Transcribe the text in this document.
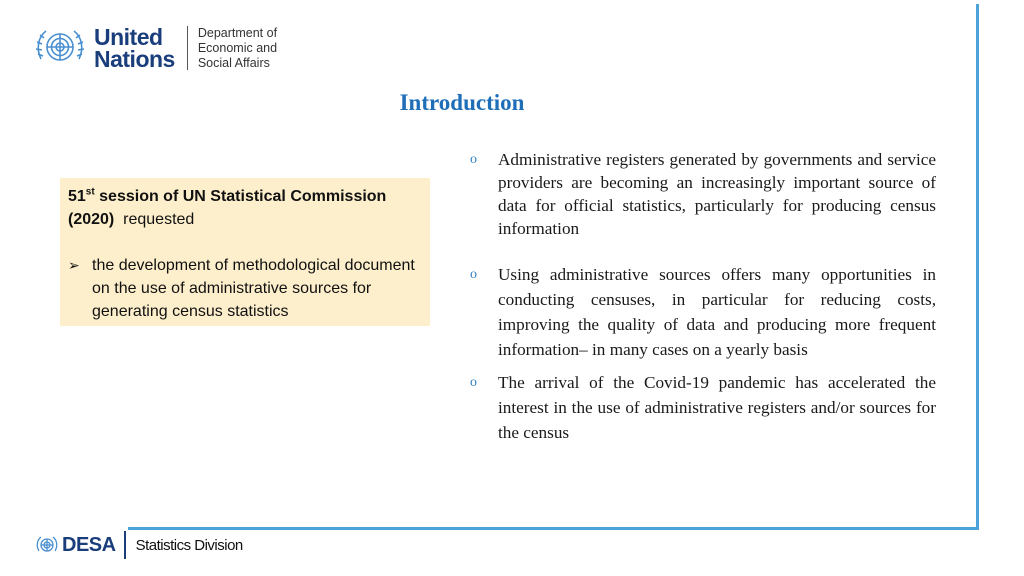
United
Nations
Department of
Economic and
Social Affairs
Introduction
51st session of UN Statistical Commission
(2020) requested
➢ the development of methodological document on the use of administrative sources for generating census statistics
o Administrative registers generated by governments and service providers are becoming an increasingly important source of data for official statistics, particularly for producing census information
o Using administrative sources offers many opportunities in conducting censuses, in particular for reducing costs, improving the quality of data and producing more frequent information– in many cases on a yearly basis
o The arrival of the Covid-19 pandemic has accelerated the interest in the use of administrative registers and/or sources for the census
DESA Statistics Division
